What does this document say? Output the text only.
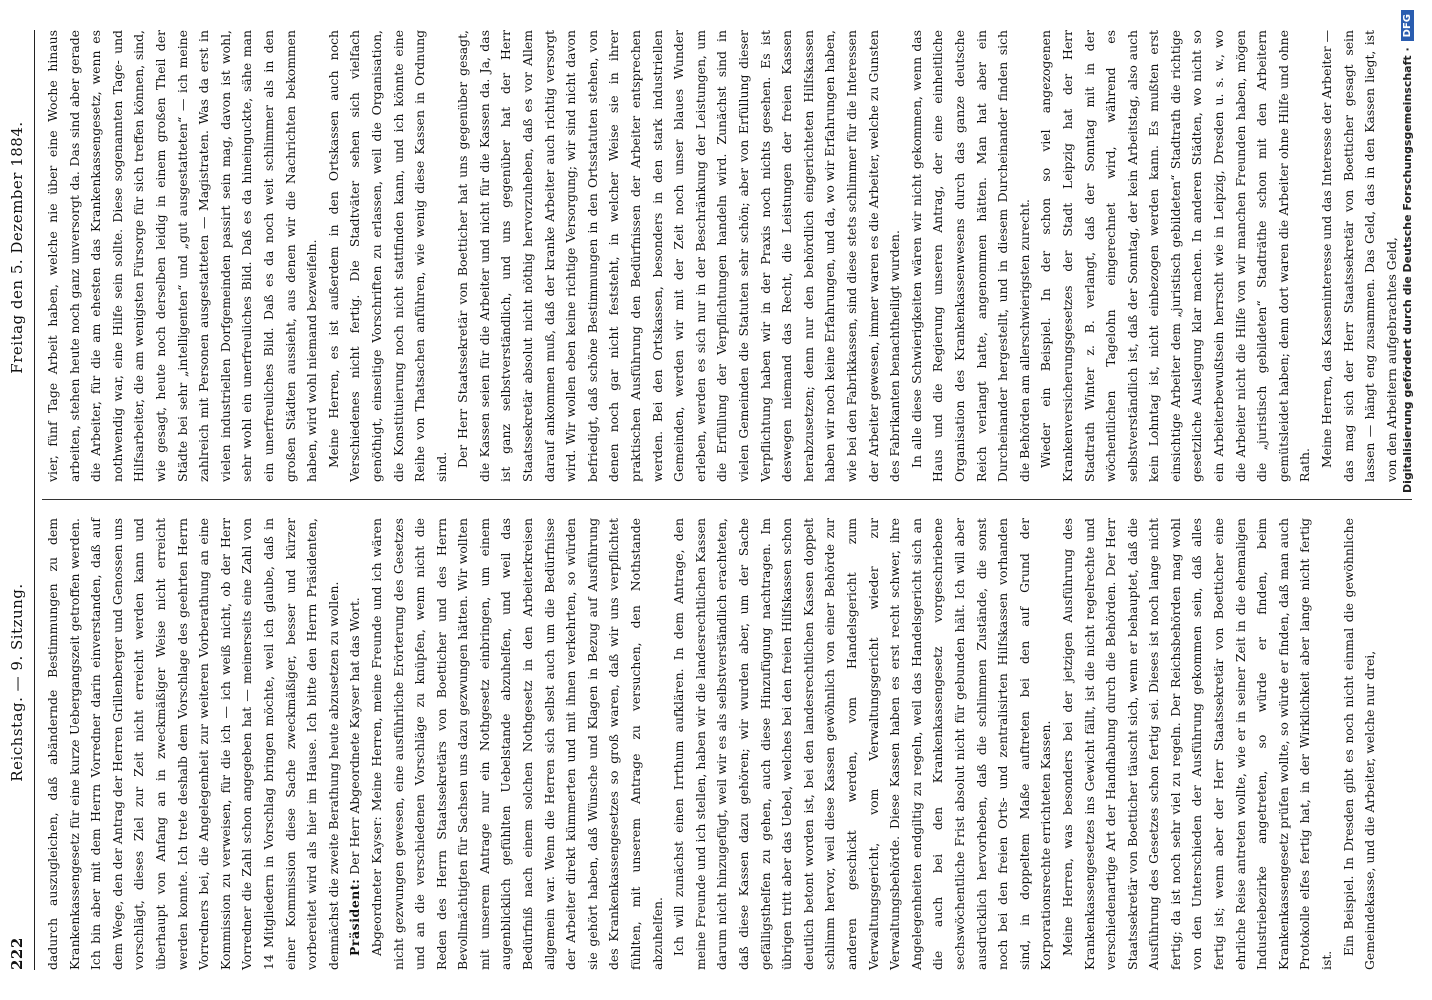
222
Reichstag. — 9. Sitzung.
Freitag den 5. Dezember 1884.

dadurch auszugleichen, daß abändernde Bestimmungen zu dem Krankenkassengesetz für eine kurze Uebergangszeit getroffen werden. Ich bin aber mit dem Herrn Vorredner darin einverstanden, daß auf dem Wege, den der Antrag der Herren Grillenberger und Genossen uns vorschlägt, dieses Ziel zur Zeit nicht erreicht werden kann und überhaupt von Anfang an in zweckmäßiger Weise nicht erreicht werden konnte. Ich trete deshalb dem Vorschlage des geehrten Herrn Vorredners bei, die Angelegenheit zur weiteren Vorberathung an eine Kommission zu verweisen, für die ich — ich weiß nicht, ob der Herr Vorredner die Zahl schon angegeben hat — meinerseits eine Zahl von 14 Mitgliedern in Vorschlag bringen möchte, weil ich glaube, daß in einer Kommission diese Sache zweckmäßiger, besser und kürzer vorbereitet wird als hier im Hause. Ich bitte den Herrn Präsidenten, demnächst die zweite Berathung heute abzusetzen zu wollen. Präsident: Der Herr Abgeordnete Kayser hat das Wort. Abgeordneter Kayser: Meine Herren, meine Freunde und ich wären nicht gezwungen gewesen, eine ausführliche Erörterung des Gesetzes und an die verschiedenen Vorschläge zu knüpfen, wenn nicht die Reden des Herrn Staatssekretärs von Boetticher und des Herrn Bevollmächtigten für Sachsen uns dazu gezwungen hätten. Wir wollten mit unserem Antrage nur ein Nothgesetz einbringen, um einem augenblicklich gefühlten Uebelstande abzuhelfen, und weil das Bedürfniß nach einem solchen Nothgesetz in den Arbeiterkreisen allgemein war. Wenn die Herren sich selbst auch um die Bedürfnisse der Arbeiter direkt kümmerten und mit ihnen verkehrten, so würden sie gehört haben, daß Wünsche und Klagen in Bezug auf Ausführung des Krankenkassengesetzes so groß waren, daß wir uns verpflichtet fühlten, mit unserem Antrage zu versuchen, den Nothstande abzuhelfen. Ich will zunächst einen Irrthum aufklären. In dem Antrage, den meine Freunde und ich stellen, haben wir die landesrechtlichen Kassen darum nicht hinzugefügt, weil wir es als selbstverständlich erachteten, daß diese Kassen dazu gehören; wir wurden aber, um der Sache gefälligsthelfen zu gehen, auch diese Hinzufügung nachtragen. Im übrigen tritt aber das Uebel, welches bei den freien Hilfskassen schon deutlich betont worden ist, bei den landesrechtlichen Kassen doppelt schlimm hervor, weil diese Kassen gewöhnlich von einer Behörde zur anderen geschickt werden, vom Handelsgericht zum Verwaltungsgericht, vom Verwaltungsgericht wieder zur Verwaltungsbehörde. Diese Kassen haben es erst recht schwer, ihre Angelegenheiten endgiltig zu regeln, weil das Handelsgericht sich an die auch bei den Krankenkassengesetz vorgeschriebene sechswöchentliche Frist absolut nicht für gebunden hält. Ich will aber ausdrücklich hervorheben, daß die schlimmen Zustände, die sonst noch bei den freien Orts- und zentralisirten Hilfskassen vorhanden sind, in doppeltem Maße auftreten bei den auf Grund der Korporationsrechte errichteten Kassen. Meine Herren, was besonders bei der jetzigen Ausführung des Krankenkassengesetzes ins Gewicht fällt, ist die nicht regelrechte und verschiedenartige Art der Handhabung durch die Behörden. Der Herr Staatssekretär von Boetticher täuscht sich, wenn er behauptet, daß die Ausführung des Gesetzes schon fertig sei. Dieses ist noch lange nicht fertig; da ist noch sehr viel zu regeln. Der Reichsbehörden mag wohl von den Unterschieden der Ausführung gekommen sein, daß alles fertig ist; wenn aber der Herr Staatssekretär von Boetticher eine ehrliche Reise antreten wollte, wie er in seiner Zeit in die ehemaligen Industriebezirke angetreten, so würde er finden, beim Krankenkassengesetz prüfen wollte, so würde er finden, daß man auch Protokolle elfes fertig hat, in der Wirklichkeit aber lange nicht fertig ist.

Ein Beispiel. In Dresden gibt es noch nicht einmal die gewöhnliche Gemeindekasse, und die Arbeiter, welche nur drei,

vier, fünf Tage Arbeit haben, welche nie über eine Woche hinaus arbeiten, stehen heute noch ganz unversorgt da. Das sind aber gerade die Arbeiter, für die am ehesten das Krankenkassengesetz, wenn es nothwendig war, eine Hilfe sein sollte. Diese sogenannten Tage- und Hilfsarbeiter, die am wenigsten Fürsorge für sich treffen können, sind, wie gesagt, heute noch derselben leidig in einem großen Theil der Städte bei sehr „intelligenten“ und „gut ausgestatteten“ — ich meine zahlreich mit Personen ausgestatteten — Magistraten. Was da erst in vielen industriellen Dorfgemeinden passirt sein mag, davon ist wohl, sehr wohl ein unerfreuliches Bild. Daß es da hineinguckte, sähe man ein unerfreuliches Bild. Daß es da noch weit schlimmer als in den großen Städten aussieht, aus denen wir die Nachrichten bekommen haben, wird wohl niemand bezweifeln. Meine Herren, es ist außerdem in den Ortskassen auch noch Verschiedenes nicht fertig. Die Stadtväter sehen sich vielfach genöthigt, einseitige Vorschriften zu erlassen, weil die Organisation, die Konstituierung noch nicht stattfinden kann, und ich könnte eine Reihe von Thatsachen anführen, wie wenig diese Kassen in Ordnung sind. Der Herr Staatssekretär von Boetticher hat uns gegenüber gesagt, die Kassen seien für die Arbeiter und nicht für die Kassen da. Ja, das ist ganz selbstverständlich, und uns gegenüber hat der Herr Staatssekretär absolut nicht nöthig hervorzuheben, daß es vor Allem darauf ankommen muß, daß der kranke Arbeiter auch richtig versorgt wird. Wir wollen eben keine richtige Versorgung; wir sind nicht davon befriedigt, daß schöne Bestimmungen in den Ortsstatuten stehen, von denen noch gar nicht feststeht, in welcher Weise sie in ihrer praktischen Ausführung den Bedürfnissen der Arbeiter entsprechen werden. Bei den Ortskassen, besonders in den stark industriellen Gemeinden, werden wir mit der Zeit noch unser blaues Wunder erleben, werden es sich nur in der Beschränkung der Leistungen, um die Erfüllung der Verpflichtungen handeln wird. Zunächst sind in vielen Gemeinden die Statuten sehr schön; aber von Erfüllung dieser Verpflichtung haben wir in der Praxis noch nichts gesehen. Es ist deswegen niemand das Recht, die Leistungen der freien Kassen herabzusetzen; denn nur den behördlich eingerichteten Hilfskassen haben wir noch keine Erfahrungen, und da, wo wir Erfahrungen haben, wie bei den Fabrikkassen, sind diese stets schlimmer für die Interessen der Arbeiter gewesen, immer waren es die Arbeiter, welche zu Gunsten des Fabrikanten benachtheiligt wurden. In alle diese Schwierigkeiten wären wir nicht gekommen, wenn das Haus und die Regierung unseren Antrag, der eine einheitliche Organisation des Krankenkassenwesens durch das ganze deutsche Reich verlangt hatte, angenommen hätten. Man hat aber ein Durcheinander hergestellt, und in diesem Durcheinander finden sich die Behörden am allerschwierigsten zurecht. Wieder ein Beispiel. In der schon so viel angezogenen Krankenversicherungsgesetzes der Stadt Leipzig hat der Herr Stadtrath Winter z. B. verlangt, daß der Sonntag mit in der wöchentlichen Tagelohn eingerechnet wird, während es selbstverständlich ist, daß der Sonntag, der kein Arbeitstag, also auch kein Lohntag ist, nicht einbezogen werden kann. Es mußten erst einsichtige Arbeiter dem „juristisch gebildeten“ Stadtrath die richtige gesetzliche Auslegung klar machen. In anderen Städten, wo nicht so ein Arbeiterbewußtsein herrscht wie in Leipzig, Dresden u. s. w., wo die Arbeiter nicht die Hilfe von wir manchen Freunden haben, mögen die „juristisch gebildeten“ Stadträthe schon mit den Arbeitern gemütsleidet haben; denn dort waren die Arbeiter ohne Hilfe und ohne Rath. Meine Herren, das Kasseninteresse und das Interesse der Arbeiter — das mag sich der Herr Staatssekretär von Boetticher gesagt sein lassen — hängt eng zusammen. Das Geld, das in den Kassen liegt, ist von den Arbeitern aufgebrachtes Geld, Digitalisierung gefördert durch die Deutsche Forschungsgemeinschaft ·
DFG
